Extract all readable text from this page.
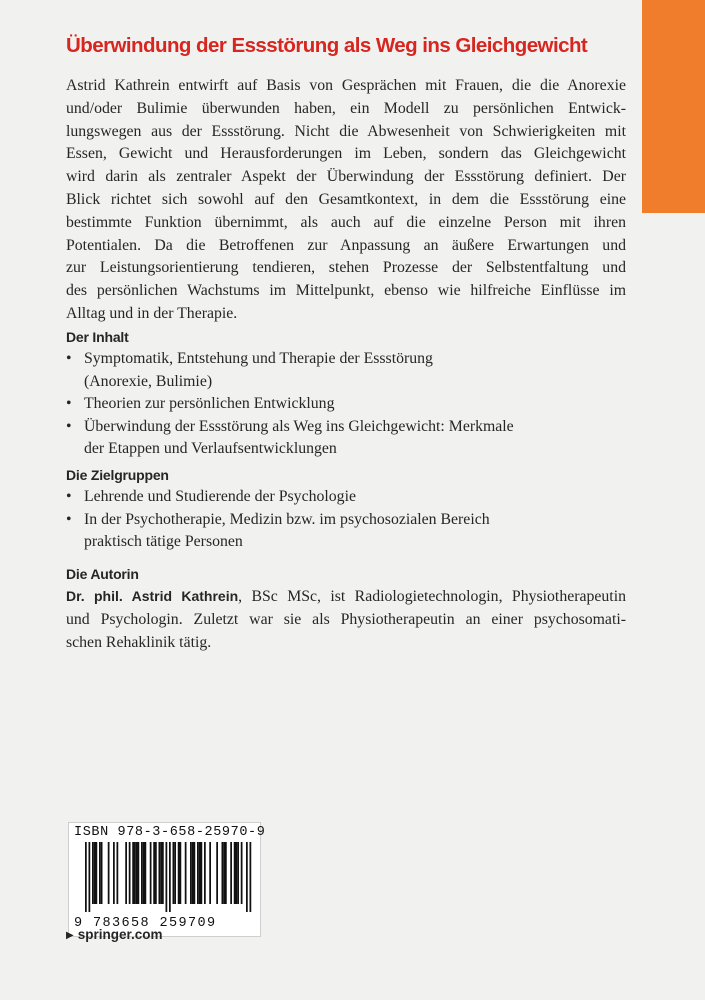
Überwindung der Essstörung als Weg ins Gleichgewicht
Astrid Kathrein entwirft auf Basis von Gesprächen mit Frauen, die die Anorexie
und/oder Bulimie überwunden haben, ein Modell zu persönlichen Entwick-
lungswegen aus der Essstörung. Nicht die Abwesenheit von Schwierigkeiten mit
Essen, Gewicht und Herausforderungen im Leben, sondern das Gleichgewicht
wird darin als zentraler Aspekt der Überwindung der Essstörung definiert. Der
Blick richtet sich sowohl auf den Gesamtkontext, in dem die Essstörung eine
bestimmte Funktion übernimmt, als auch auf die einzelne Person mit ihren
Potentialen. Da die Betroffenen zur Anpassung an äußere Erwartungen und
zur Leistungsorientierung tendieren, stehen Prozesse der Selbstentfaltung und
des persönlichen Wachstums im Mittelpunkt, ebenso wie hilfreiche Einflüsse im
Alltag und in der Therapie.
Der Inhalt
• Symptomatik, Entstehung und Therapie der Essstörung
(Anorexie, Bulimie)
• Theorien zur persönlichen Entwicklung
• Überwindung der Essstörung als Weg ins Gleichgewicht: Merkmale
der Etappen und Verlaufsentwicklungen
Die Zielgruppen
• Lehrende und Studierende der Psychologie
• In der Psychotherapie, Medizin bzw. im psychosozialen Bereich
praktisch tätige Personen
Die Autorin
Dr. phil. Astrid Kathrein, BSc MSc, ist Radiologietechnologin, Physiotherapeutin
und Psychologin. Zuletzt war sie als Physiotherapeutin an einer psychosomati-
schen Rehaklinik tätig.
ISBN 978-3-658-25970-9
9 783658 259709
▶ springer.com
